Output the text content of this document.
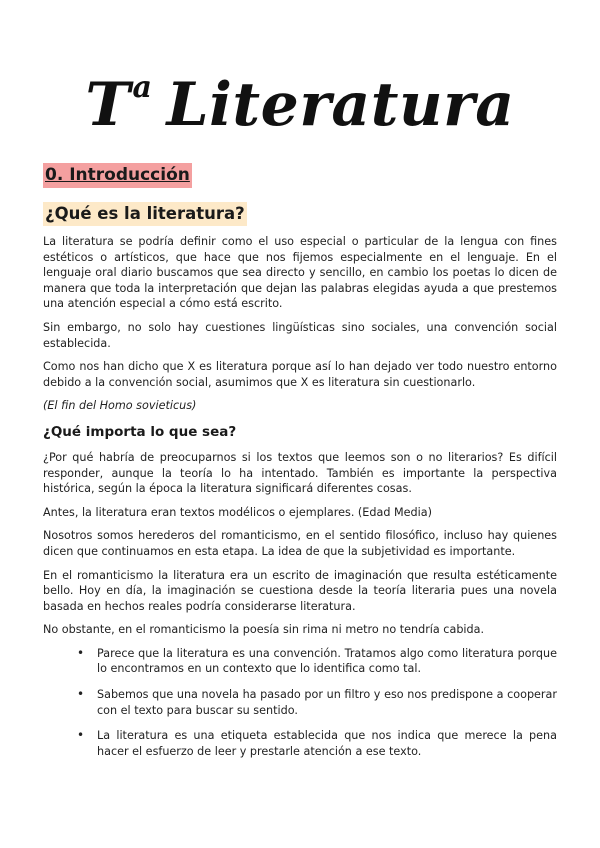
$T^a$ Literatura
0. Introducción
¿Qué es la literatura?

La literatura se podría definir como el uso especial o particular de la lengua con fines estéticos o artísticos, que hace que nos fijemos especialmente en el lenguaje. En el lenguaje oral diario buscamos que sea directo y sencillo, en cambio los poetas lo dicen de manera que toda la interpretación que dejan las palabras elegidas ayuda a que prestemos una atención especial a cómo está escrito.

Sin embargo, no solo hay cuestiones lingüísticas sino sociales, una convención social establecida.

Como nos han dicho que X es literatura porque así lo han dejado ver todo nuestro entorno debido a la convención social, asumimos que X es literatura sin cuestionarlo.

(El fin del Homo sovieticus)

¿Qué importa lo que sea?

¿Por qué habría de preocuparnos si los textos que leemos son o no literarios? Es difícil responder, aunque la teoría lo ha intentado. También es importante la perspectiva histórica, según la época la literatura significará diferentes cosas.

Antes, la literatura eran textos modélicos o ejemplares. (Edad Media)

Nosotros somos herederos del romanticismo, en el sentido filosófico, incluso hay quienes dicen que continuamos en esta etapa. La idea de que la subjetividad es importante.

En el romanticismo la literatura era un escrito de imaginación que resulta estéticamente bello. Hoy en día, la imaginación se cuestiona desde la teoría literaria pues una novela basada en hechos reales podría considerarse literatura.

No obstante, en el romanticismo la poesía sin rima ni metro no tendría cabida.

• Parece que la literatura es una convención. Tratamos algo como literatura porque lo encontramos en un contexto que lo identifica como tal.
• Sabemos que una novela ha pasado por un filtro y eso nos predispone a cooperar con el texto para buscar su sentido.
• La literatura es una etiqueta establecida que nos indica que merece la pena hacer el esfuerzo de leer y prestarle atención a ese texto.
